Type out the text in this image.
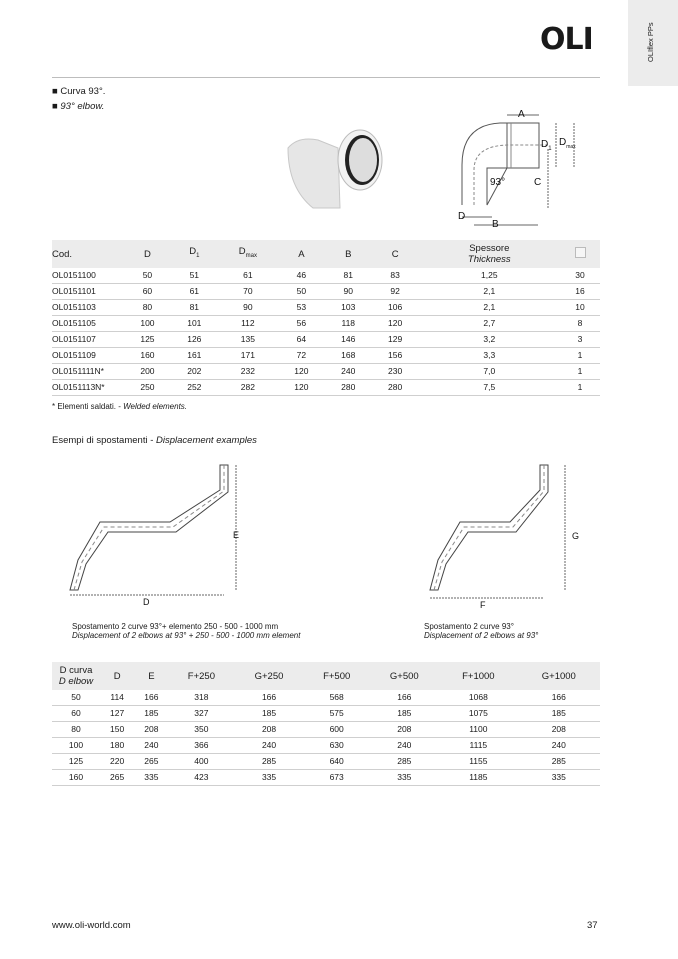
OLIflex PPs
OLI
■ Curva 93°.
■ 93° elbow.
A
$D_1$
$D_{max}$
93°	C
D
B
Cod.	D	$D_1$	$D_{max}$	A	B	C	Spessore
Thickness	
OL0151100	50	51	61	46	81	83	1,25	30
OL0151101	60	61	70	50	90	92	2,1	16
OL0151103	80	81	90	53	103	106	2,1	10
OL0151105	100	101	112	56	118	120	2,7	8
OL0151107	125	126	135	64	146	129	3,2	3
OL0151109	160	161	171	72	168	156	3,3	1
OL0151111N*	200	202	232	120	240	230	7,0	1
OL0151113N*	250	252	282	120	280	280	7,5	1
* Elementi saldati. - Welded elements.
Esempi di spostamenti - Displacement examples
E
D
G
F
Spostamento 2 curve 93°+ elemento 250 - 500 - 1000 mm
Displacement of 2 elbows at 93° + 250 - 500 - 1000 mm element
Spostamento 2 curve 93°
Displacement of 2 elbows at 93°
D curva
D elbow	D	E	F+250	G+250	F+500	G+500	F+1000	G+1000
50	114	166	318	166	568	166	1068	166
60	127	185	327	185	575	185	1075	185
80	150	208	350	208	600	208	1100	208
100	180	240	366	240	630	240	1115	240
125	220	265	400	285	640	285	1155	285
160	265	335	423	335	673	335	1185	335
www.oli-world.com	37
